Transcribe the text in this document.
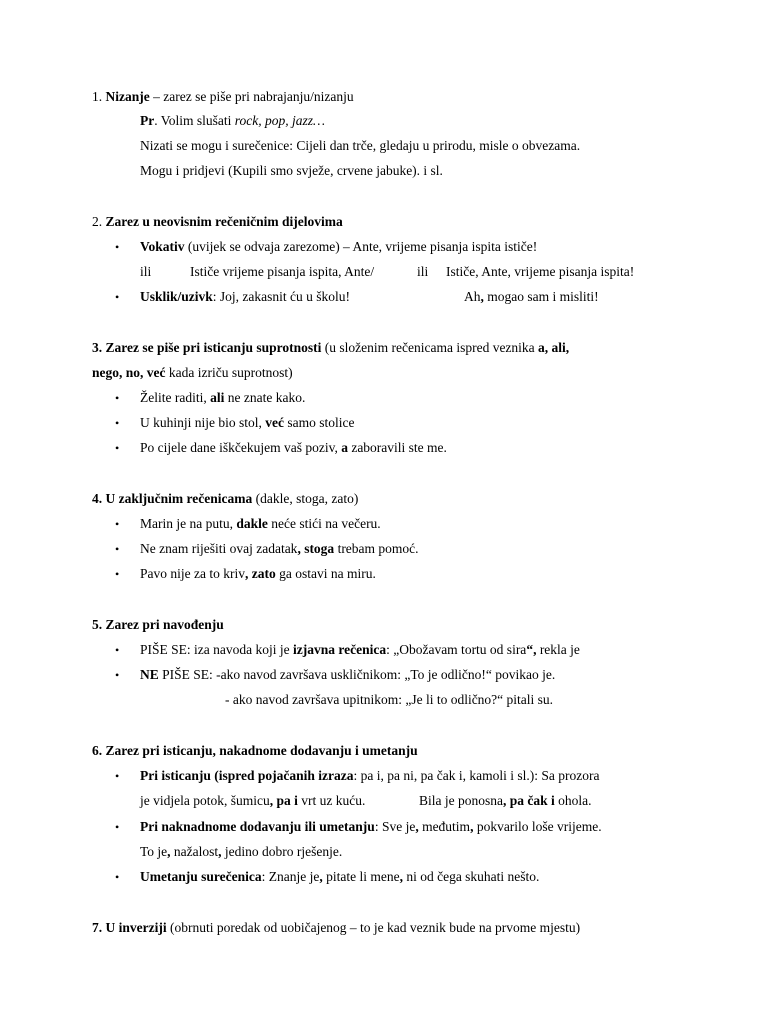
1. Nizanje – zarez se piše pri nabrajanju/nizanju
Pr. Volim slušati rock, pop, jazz…
Nizati se mogu i surečenice: Cijeli dan trče, gledaju u prirodu, misle o obvezama.
Mogu i pridjevi (Kupili smo svježe, crvene jabuke). i sl.
2. Zarez u neovisnim rečeničnim dijelovima
• Vokativ (uvijek se odvaja zarezome) – Ante, vrijeme pisanja ispita ističe!
ili	Ističe vrijeme pisanja ispita, Ante/	ili Ističe, Ante, vrijeme pisanja ispita!
• Usklik/uzivk: Joj, zakasnit ću u školu!	Ah, mogao sam i misliti!
3. Zarez se piše pri isticanju suprotnosti (u složenim rečenicama ispred veznika a, ali,
nego, no, već kada izriču suprotnost)
• Želite raditi, ali ne znate kako.
• U kuhinji nije bio stol, već samo stolice
• Po cijele dane iškčekujem vaš poziv, a zaboravili ste me.
4. U zaključnim rečenicama (dakle, stoga, zato)
• Marin je na putu, dakle neće stići na večeru.
• Ne znam riješiti ovaj zadatak, stoga trebam pomoć.
• Pavo nije za to kriv, zato ga ostavi na miru.
5. Zarez pri navođenju
• PIŠE SE: iza navoda koji je izjavna rečenica: „Obožavam tortu od sira“, rekla je
• NE PIŠE SE: -ako navod završava uskličnikom: „To je odlično!“ povikao je.
- ako navod završava upitnikom: „Je li to odlično?“ pitali su.
6. Zarez pri isticanju, nakadnome dodavanju i umetanju
• Pri isticanju (ispred pojačanih izraza: pa i, pa ni, pa čak i, kamoli i sl.): Sa prozora
je vidjela potok, šumicu, pa i vrt uz kuću.	Bila je ponosna, pa čak i ohola.
• Pri naknadnome dodavanju ili umetanju: Sve je, međutim, pokvarilo loše vrijeme.
To je, nažalost, jedino dobro rješenje.
• Umetanju surečenica: Znanje je, pitate li mene, ni od čega skuhati nešto.
7. U inverziji (obrnuti poredak od uobičajenog – to je kad veznik bude na prvome mjestu)
